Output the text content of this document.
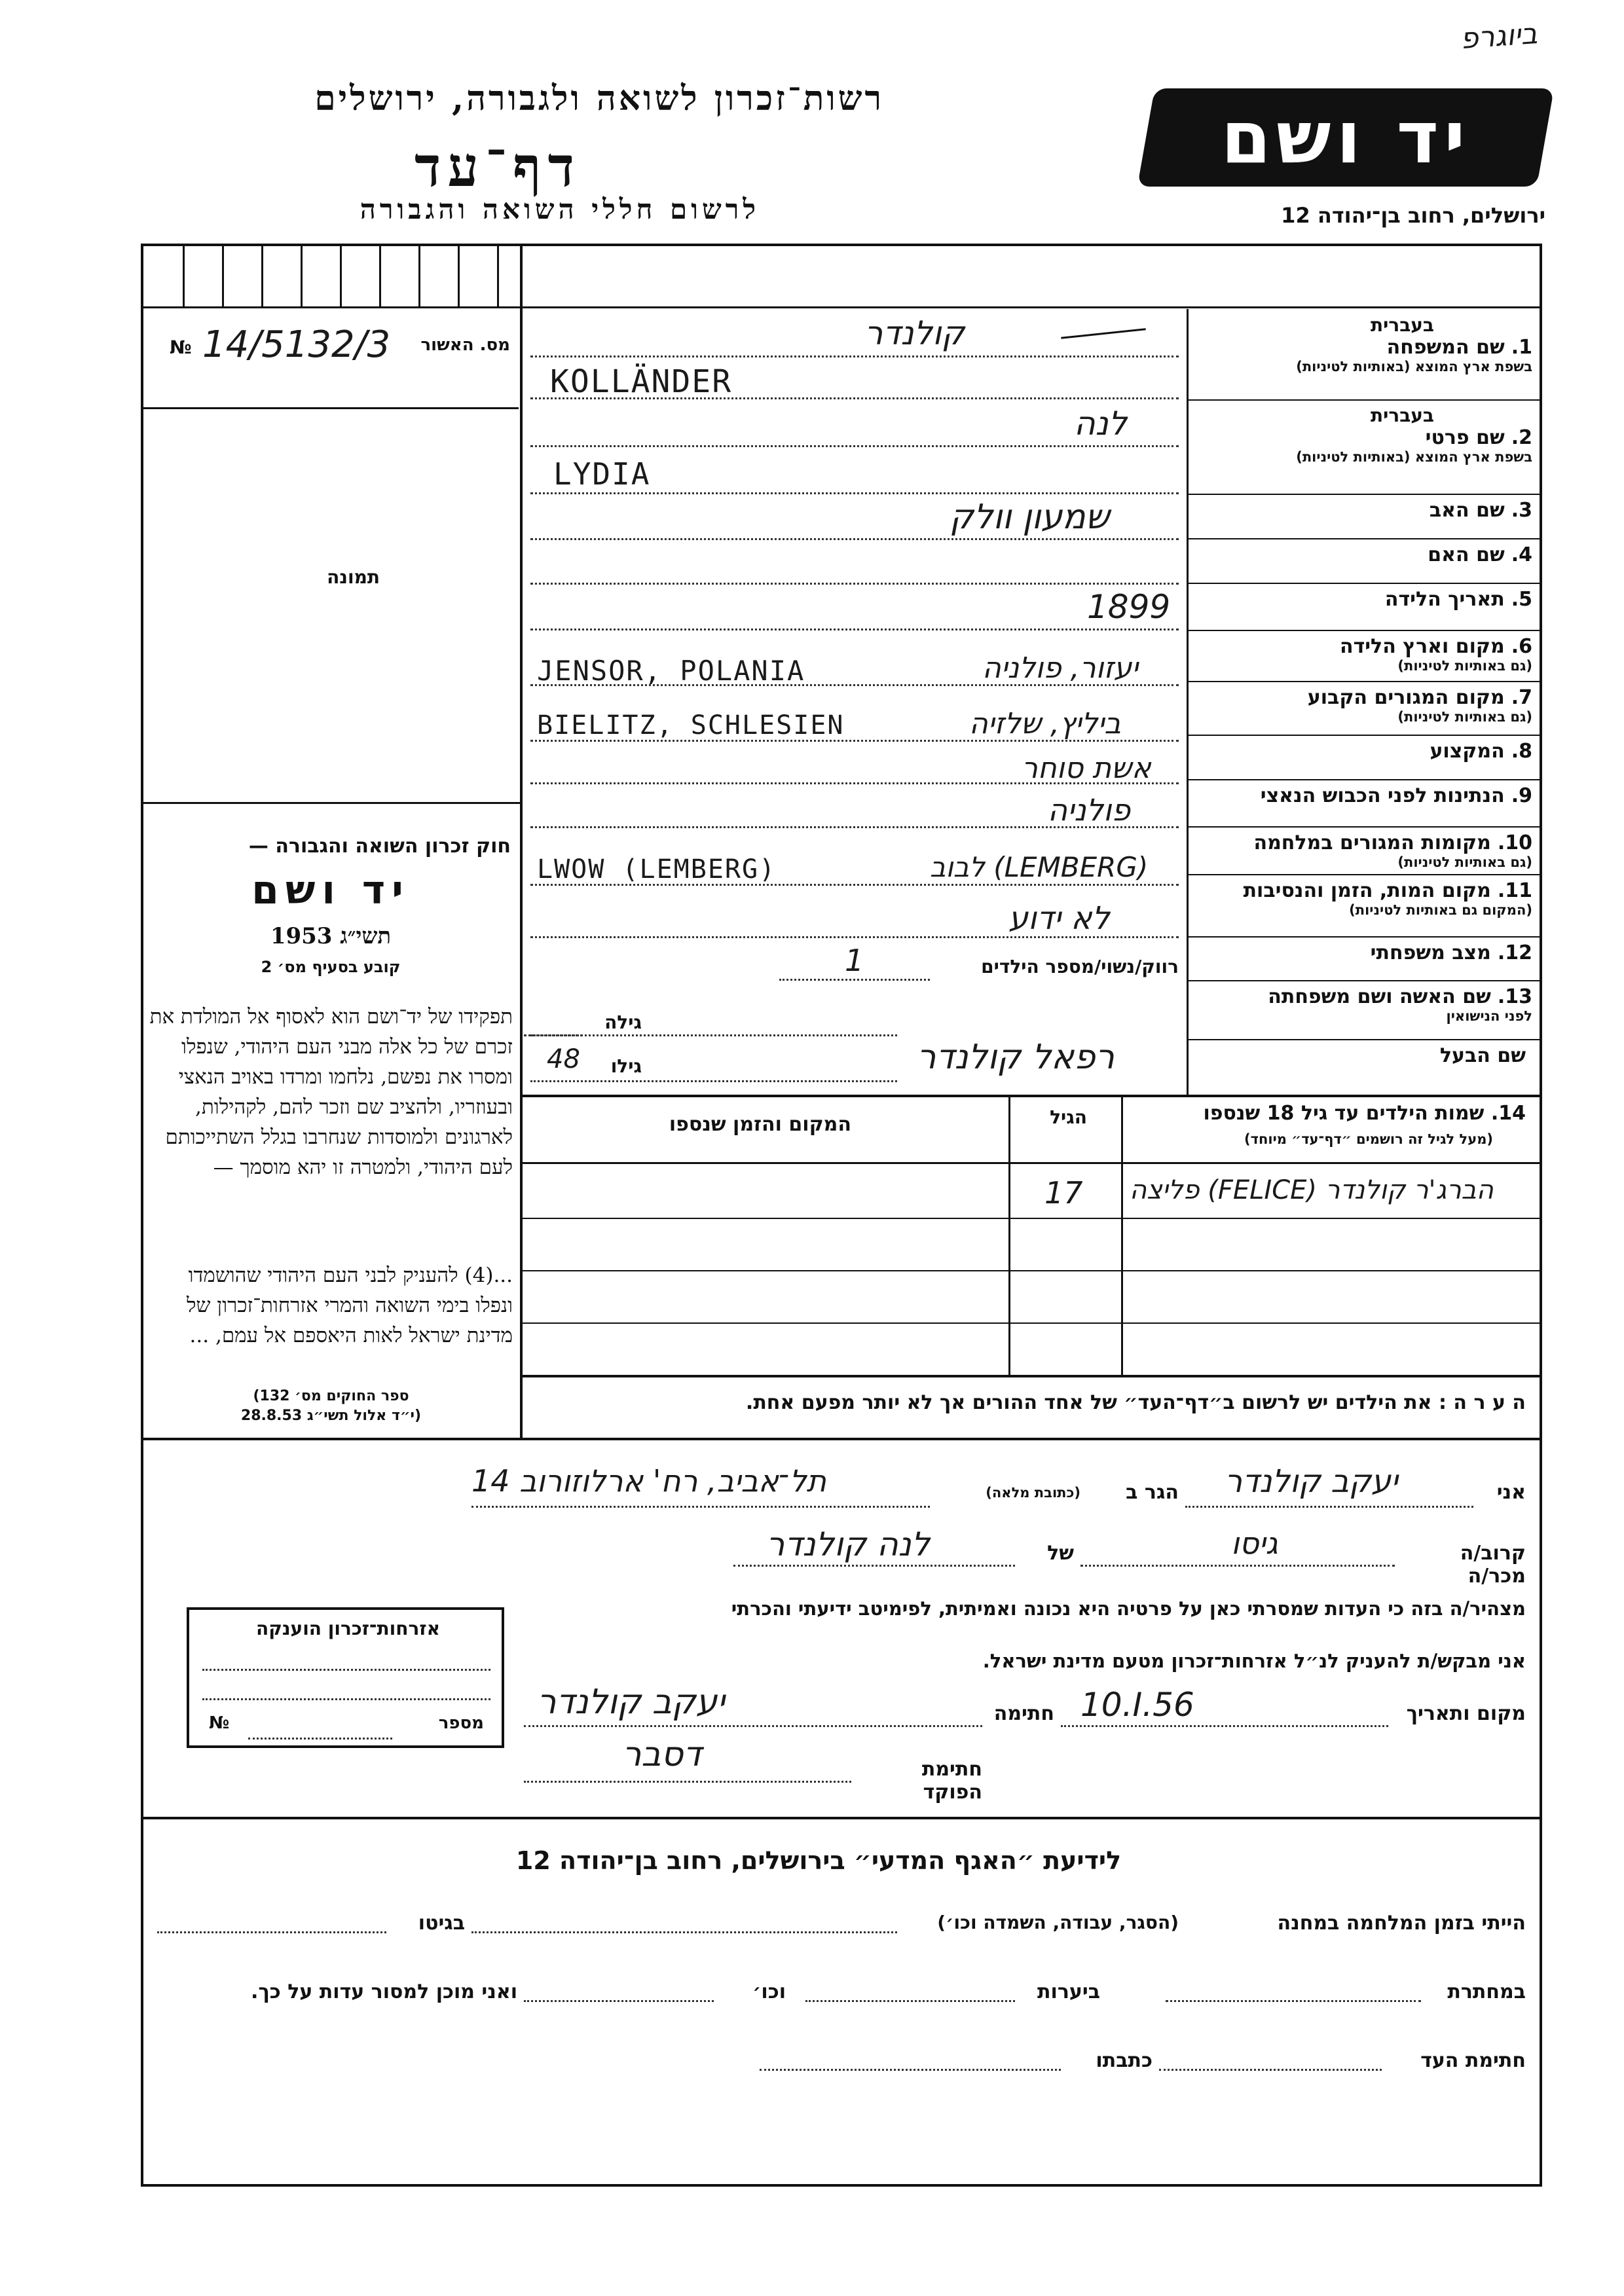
ביוגרפ
רשות־זכרון לשואה ולגבורה, ירושלים
דף־עד
לרשום חללי השואה והגבורה
יד ושם
ירושלים, רחוב בן־יהודה 12
מס. האשור
№ 14/5132/3
תמונה
חוק זכרון השואה והגבורה —
יד ושם
תשי״ג 1953
קובע בסעיף מס׳ 2
תפקידו של יד־ושם הוא לאסוף אל המולדת את זכרם של כל אלה מבני העם היהודי, שנפלו ומסרו את נפשם, נלחמו ומרדו באויב הנאצי ובעוזריו, ולהציב שם וזכר להם, לקהילות, לארגונים ולמוסדות שנחרבו בגלל השתייכותם לעם היהודי, ולמטרה זו יהא מוסמך —
...(4) להעניק לבני העם היהודי שהושמדו ונפלו בימי השואה והמרי אזרחות־זכרון של מדינת ישראל לאות היאספם אל עמם, ...
(ספר החוקים מס׳ 132
י״ד אלול תשי״ג 28.8.53)
בעברית
1.שם המשפחה
בשפת ארץ המוצא (באותיות לטיניות)
בעברית
2.שם פרטי
בשפת ארץ המוצא (באותיות לטיניות)
3.שם האב
4.שם האם
5.תאריך הלידה
6.מקום וארץ הלידה
(גם באותיות לטיניות)
7.מקום המגורים הקבוע
(גם באותיות לטיניות)
8.המקצוע
9.הנתינות לפני הכבוש הנאצי
10.מקומות המגורים במלחמה
(גם באותיות לטיניות)
11.מקום המות, הזמן והנסיבות
(המקום גם באותיות לטיניות)
12.מצב משפחתי
13.שם האשה ושם משפחתה
לפני הנישואין
שם הבעל
קולנדר
KOLLÄNDER
לנה
LYDIA
שמעון וולק
1899
יעזור, פולניה
JENSOR, POLANIA
ביליץ, שלזיה
BIELITZ, SCHLESIEN
אשת סוחר
פולניה
לבוב (LEMBERG)
LWOW (LEMBERG)
לא ידוע
רווק/נשוי/מספר הילדים
1
גילה
גילו
48	רפאל קולנדר
14. שמות הילדים עד גיל 18 שנספו
(מעל לגיל זה רושמים ״דף־עד״ מיוחד)
הגיל
המקום והזמן שנספו
פליצה (FELICE) הברג'ר קולנדר
17
ה ע ר ה : את הילדים יש לרשום ב״דף־העד״ של אחד ההורים אך לא יותר מפעם אחת.
אני
יעקב קולנדר
הגר ב
(כתובת מלאה)
תל־אביב, רח' ארלוזורוב 14
קרוב/ה מכר/ה
גיסו
של
לנה קולנדר
מצהיר/ה בזה כי העדות שמסרתי כאן על פרטיה היא נכונה ואמיתית, לפימיטב ידיעתי והכרתי
אני מבקש/ת להעניק לנ״ל אזרחות־זכרון מטעם מדינת ישראל.
מקום ותאריך
10.I.56
חתימה
יעקב קולנדר
חתימת הפוקד
דסבר
אזרחות־זכרון הוענקה
№	מספר
לידיעת ״האגף המדעי״ בירושלים, רחוב בן־יהודה 12
הייתי בזמן המלחמה במחנה
(הסגר, עבודה, השמדה וכו׳)
בגיטו
במחתרת
ביערות
וכו׳
ואני מוכן למסור עדות על כך.
חתימת העד
כתבתו
